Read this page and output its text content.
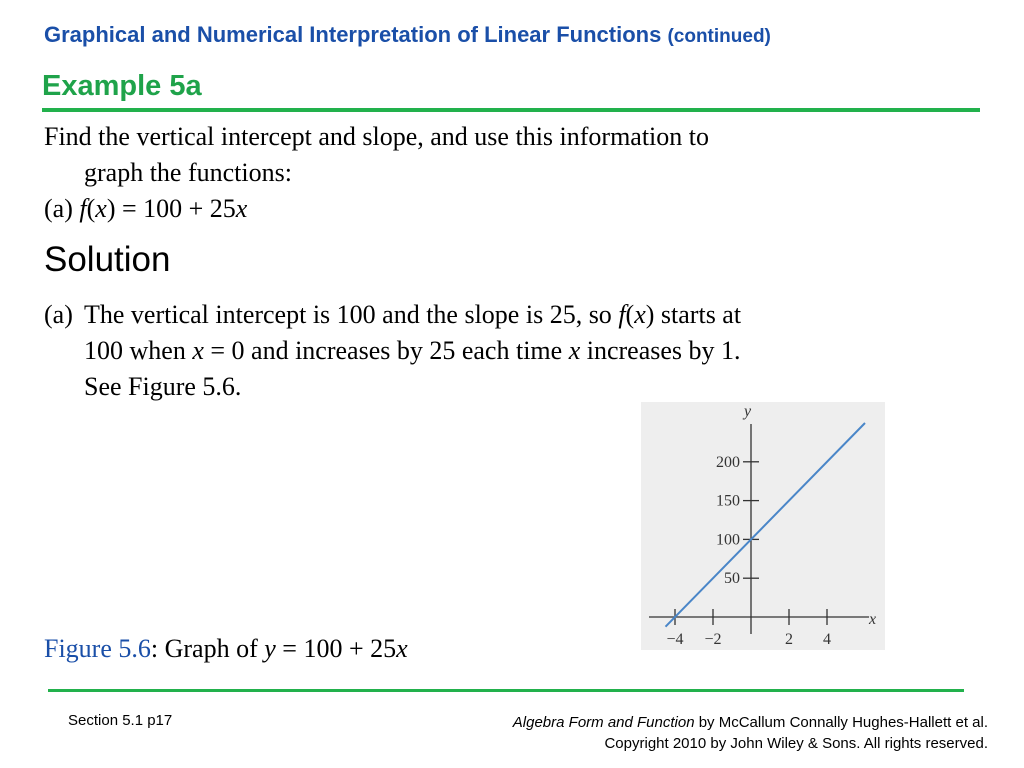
Graphical and Numerical Interpretation of Linear Functions (continued)
Example 5a
Find the vertical intercept and slope, and use this information to
graph the functions:
(a) f(x) = 100 + 25x
Solution
(a) The vertical intercept is 100 and the slope is 25, so f(x) starts at
100 when x = 0 and increases by 25 each time x increases by 1.
See Figure 5.6.
x
y
−4 −2	2 4
50
100
150
200
Figure 5.6: Graph of y = 100 + 25x
Section 5.1 p17	Algebra Form and Function by McCallum Connally Hughes-Hallett et al.
Copyright 2010 by John Wiley & Sons. All rights reserved.
